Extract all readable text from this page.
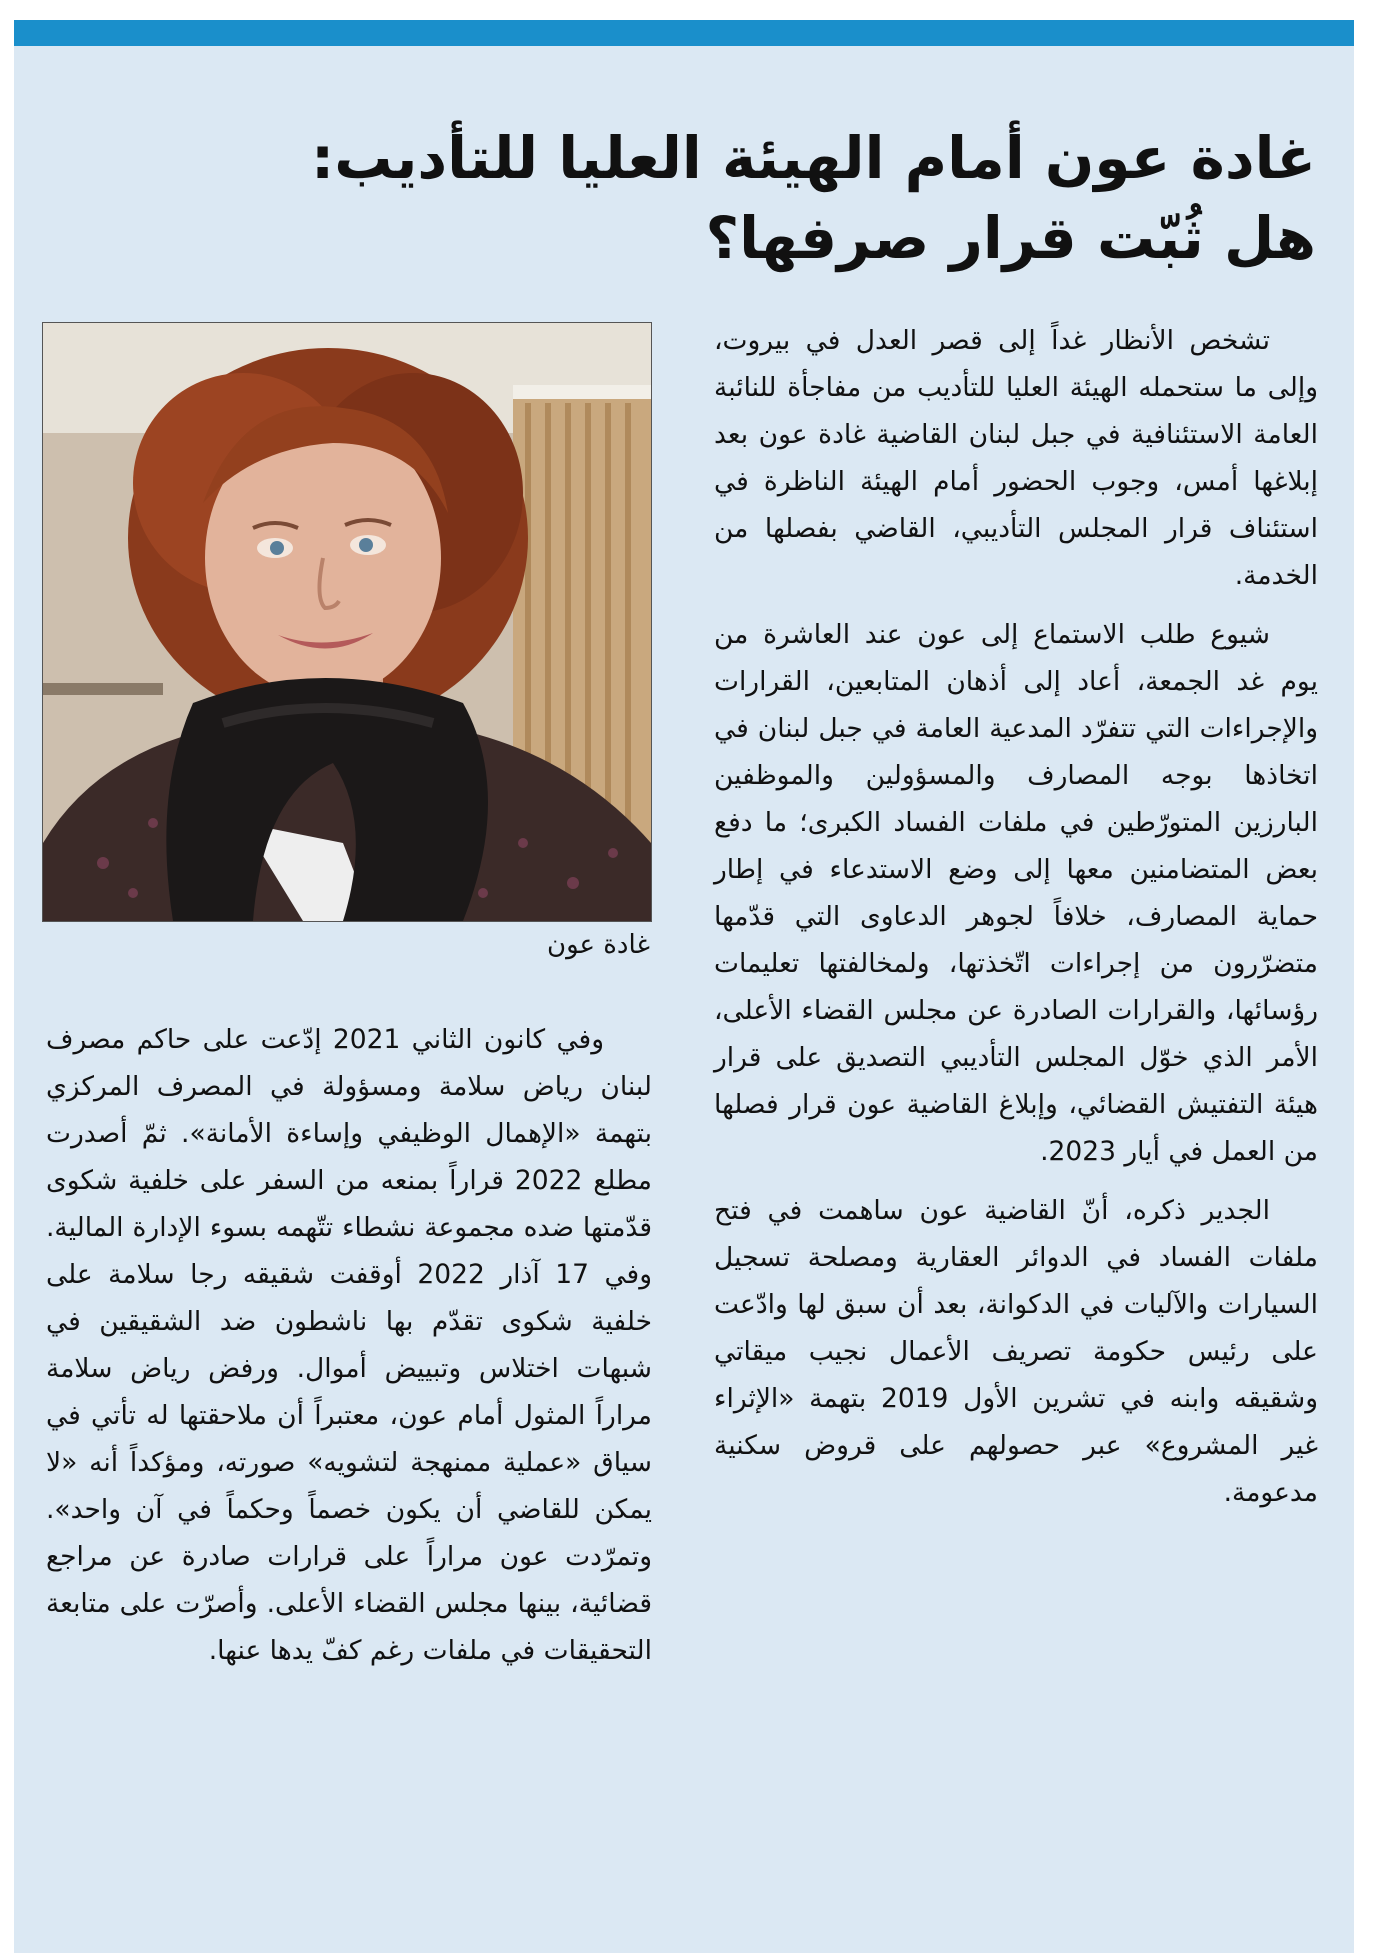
غادة عون أمام الهيئة العليا للتأديب:
هل ثُبّت قرار صرفها؟
غادة عون

تشخص الأنظار غداً إلى قصر العدل في بيروت، وإلى ما ستحمله الهيئة العليا للتأديب من مفاجأة للنائبة العامة الاستئنافية في جبل لبنان القاضية غادة عون بعد إبلاغها أمس، وجوب الحضور أمام الهيئة الناظرة في استئناف قرار المجلس التأديبي، القاضي بفصلها من الخدمة.

شيوع طلب الاستماع إلى عون عند العاشرة من يوم غد الجمعة، أعاد إلى أذهان المتابعين، القرارات والإجراءات التي تتفرّد المدعية العامة في جبل لبنان في اتخاذها بوجه المصارف والمسؤولين والموظفين البارزين المتورّطين في ملفات الفساد الكبرى؛ ما دفع بعض المتضامنين معها إلى وضع الاستدعاء في إطار حماية المصارف، خلافاً لجوهر الدعاوى التي قدّمها متضرّرون من إجراءات اتّخذتها، ولمخالفتها تعليمات رؤسائها، والقرارات الصادرة عن مجلس القضاء الأعلى، الأمر الذي خوّل المجلس التأديبي التصديق على قرار هيئة التفتيش القضائي، وإبلاغ القاضية عون قرار فصلها من العمل في أيار 2023.

الجدير ذكره، أنّ القاضية عون ساهمت في فتح ملفات الفساد في الدوائر العقارية ومصلحة تسجيل السيارات والآليات في الدكوانة، بعد أن سبق لها وادّعت على رئيس حكومة تصريف الأعمال نجيب ميقاتي وشقيقه وابنه في تشرين الأول 2019 بتهمة «الإثراء غير المشروع» عبر حصولهم على قروض سكنية مدعومة.

وفي كانون الثاني 2021 إدّعت على حاكم مصرف لبنان رياض سلامة ومسؤولة في المصرف المركزي بتهمة «الإهمال الوظيفي وإساءة الأمانة». ثمّ أصدرت مطلع 2022 قراراً بمنعه من السفر على خلفية شكوى قدّمتها ضده مجموعة نشطاء تتّهمه بسوء الإدارة المالية. وفي 17 آذار 2022 أوقفت شقيقه رجا سلامة على خلفية شكوى تقدّم بها ناشطون ضد الشقيقين في شبهات اختلاس وتبييض أموال. ورفض رياض سلامة مراراً المثول أمام عون، معتبراً أن ملاحقتها له تأتي في سياق «عملية ممنهجة لتشويه» صورته، ومؤكداً أنه «لا يمكن للقاضي أن يكون خصماً وحكماً في آن واحد». وتمرّدت عون مراراً على قرارات صادرة عن مراجع قضائية، بينها مجلس القضاء الأعلى. وأصرّت على متابعة التحقيقات في ملفات رغم كفّ يدها عنها.
